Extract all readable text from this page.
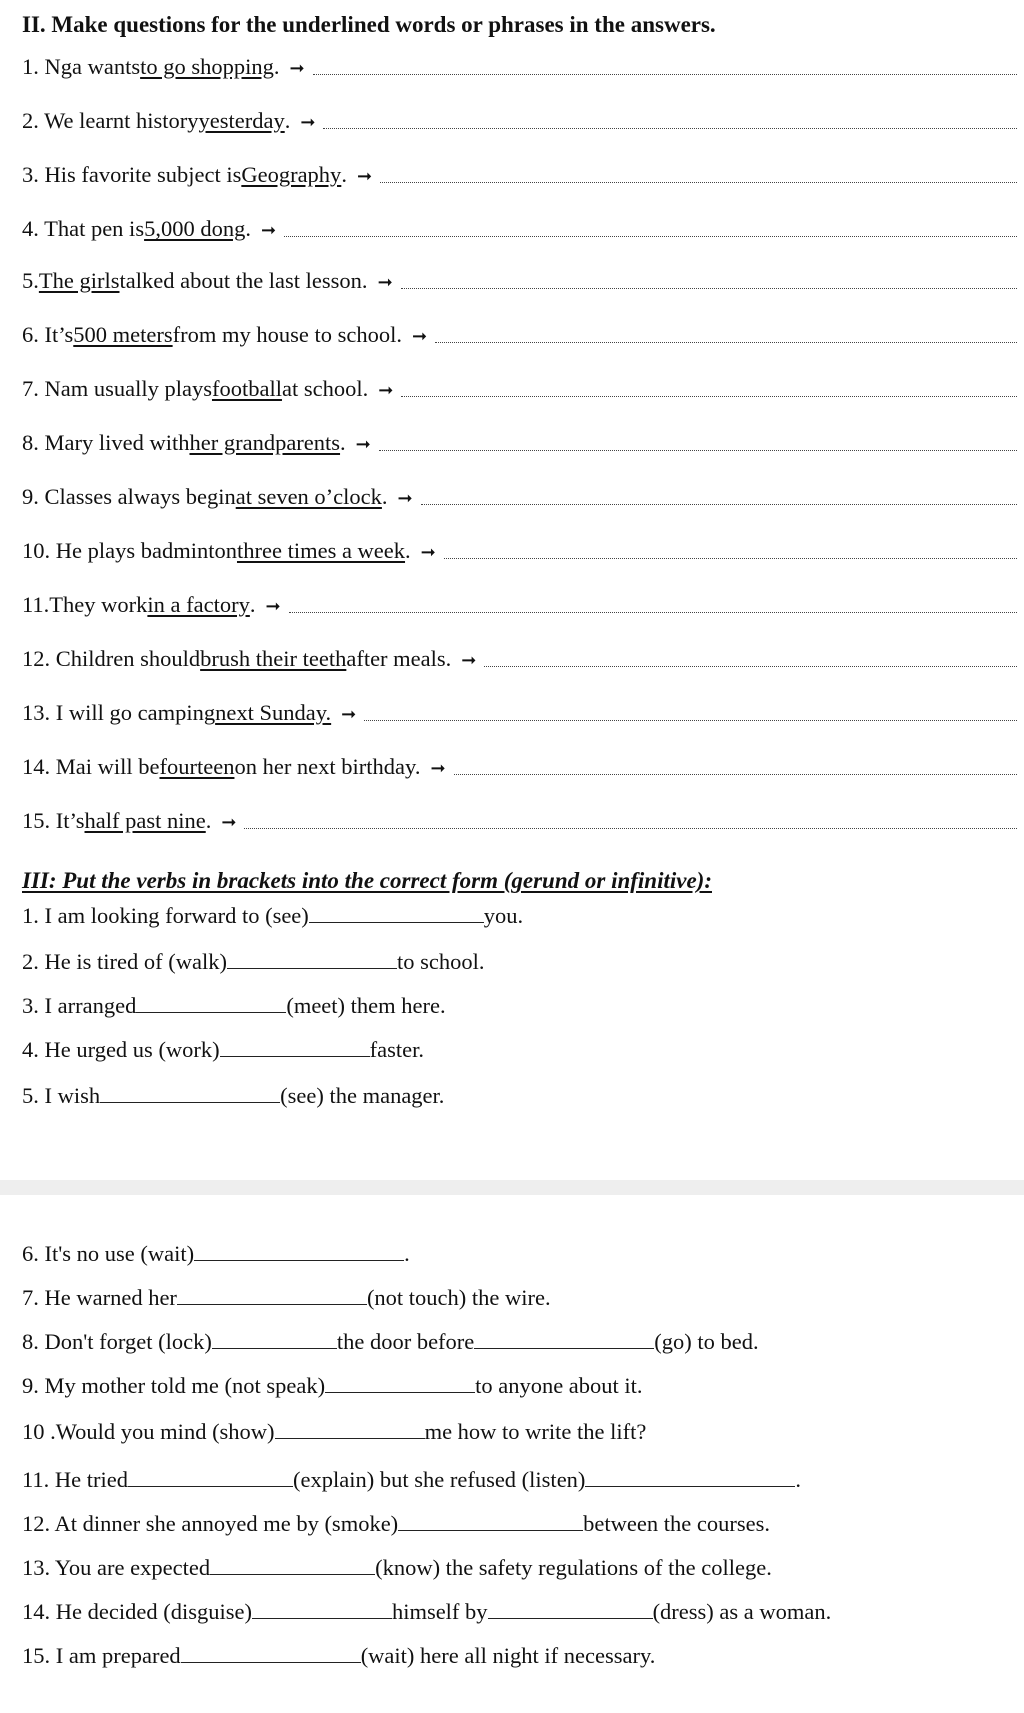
II. Make questions for the underlined words or phrases in the answers.
1. Nga wants to go shopping . ➞
2. We learnt history yesterday . ➞
3. His favorite subject is Geography . ➞
4. That pen is 5,000 dong . ➞
5. The girls talked about the last lesson. ➞
6. It’s 500 meters from my house to school. ➞
7. Nam usually plays football at school. ➞
8. Mary lived with her grandparents . ➞
9. Classes always begin at seven o’clock . ➞
10. He plays badminton three times a week . ➞
11.They work in a factory . ➞
12. Children should brush their teeth after meals. ➞
13. I will go camping next Sunday. ➞
14. Mai will be fourteen on her next birthday. ➞
15. It’s half past nine . ➞
III: Put the verbs in brackets into the correct form (gerund or infinitive):
1. I am looking forward to (see)	you.
2. He is tired of (walk)	to school.
3. I arranged	(meet) them here.
4. He urged us (work)	faster.
5. I wish	(see) the manager.
6. It's no use (wait)	.
7. He warned her	(not touch) the wire.
8. Don't forget (lock)	the door before	(go) to bed.
9. My mother told me (not speak)	to anyone about it.
10 .Would you mind (show)	me how to write the lift?
11. He tried	(explain) but she refused (listen)	.
12. At dinner she annoyed me by (smoke)	between the courses.
13. You are expected	(know) the safety regulations of the college.
14. He decided (disguise)	himself by	(dress) as a woman.
15. I am prepared	(wait) here all night if necessary.
